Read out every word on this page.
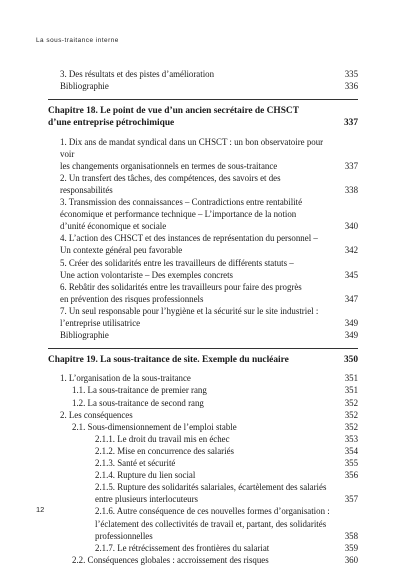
La sous-traitance interne
3. Des résultats et des pistes d’amélioration	335
Bibliographie	336
Chapitre 18. Le point de vue d’un ancien secrétaire de CHSCT
d’une entreprise pétrochimique	337
1. Dix ans de mandat syndical dans un CHSCT : un bon observatoire pour voir
les changements organisationnels en termes de sous-traitance	337
2. Un transfert des tâches, des compétences, des savoirs et des responsabilités	338
3. Transmission des connaissances – Contradictions entre rentabilité
économique et performance technique – L’importance de la notion
d’unité économique et sociale	340
4. L’action des CHSCT et des instances de représentation du personnel –
Un contexte général peu favorable	342
5. Créer des solidarités entre les travailleurs de différents statuts –
Une action volontariste – Des exemples concrets	345
6. Rebâtir des solidarités entre les travailleurs pour faire des progrès
en prévention des risques professionnels	347
7. Un seul responsable pour l’hygiène et la sécurité sur le site industriel :
l’entreprise utilisatrice	349
Bibliographie	349
Chapitre 19. La sous-traitance de site. Exemple du nucléaire	350
1. L’organisation de la sous-traitance	351
1.1. La sous-traitance de premier rang	351
1.2. La sous-traitance de second rang	352
2. Les conséquences	352
2.1. Sous-dimensionnement de l’emploi stable	352
2.1.1. Le droit du travail mis en échec	353
2.1.2. Mise en concurrence des salariés	354
2.1.3. Santé et sécurité	355
2.1.4. Rupture du lien social	356
2.1.5. Rupture des solidarités salariales, écartèlement des salariés
entre plusieurs interlocuteurs	357
2.1.6. Autre conséquence de ces nouvelles formes d’organisation :
l’éclatement des collectivités de travail et, partant, des solidarités
professionnelles	358
2.1.7. Le rétrécissement des frontières du salariat	359
2.2. Conséquences globales : accroissement des risques	360
12
